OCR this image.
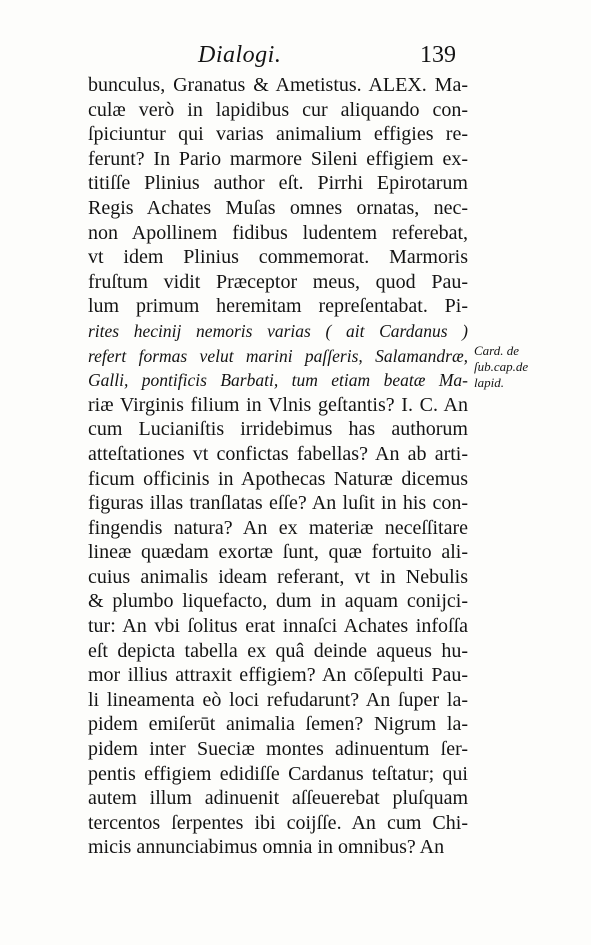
Dialogi.	139
bunculus, Granatus & Ametistus. ALEX. Ma-
culæ verò in lapidibus cur aliquando con-
ſpiciuntur qui varias animalium effigies re-
ferunt? In Pario marmore Sileni effigiem ex-
titiſſe Plinius author eſt. Pirrhi Epirotarum
Regis Achates Muſas omnes ornatas, nec-
non Apollinem fidibus ludentem referebat,
vt idem Plinius commemorat. Marmoris
fruſtum vidit Præceptor meus, quod Pau-
lum primum heremitam repreſentabat. Pi-
rites hecinij nemoris varias ( ait Cardanus )
refert formas velut marini paſſeris, Salamandræ,
Galli, pontificis Barbati, tum etiam beatæ Ma-
riæ Virginis filium in Vlnis geſtantis? I. C. An
cum Lucianiſtis irridebimus has authorum
atteſtationes vt confictas fabellas? An ab arti-
ficum officinis in Apothecas Naturæ dicemus
figuras illas tranſlatas eſſe? An luſit in his con-
fingendis natura? An ex materiæ neceſſitare
lineæ quædam exortæ ſunt, quæ fortuito ali-
cuius animalis ideam referant, vt in Nebulis
& plumbo liquefacto, dum in aquam conijci-
tur: An vbi ſolitus erat innaſci Achates infoſſa
eſt depicta tabella ex quâ deinde aqueus hu-
mor illius attraxit effigiem? An cōſepulti Pau-
li lineamenta eò loci refudarunt? An ſuper la-
pidem emiſerūt animalia ſemen? Nigrum la-
pidem inter Sueciæ montes adinuentum ſer-
pentis effigiem edidiſſe Cardanus teſtatur; qui
autem illum adinuenit aſſeuerebat pluſquam
tercentos ſerpentes ibi coijſſe. An cum Chi-
micis annunciabimus omnia in omnibus? An
Card. de
ſub.cap.de
lapid.
